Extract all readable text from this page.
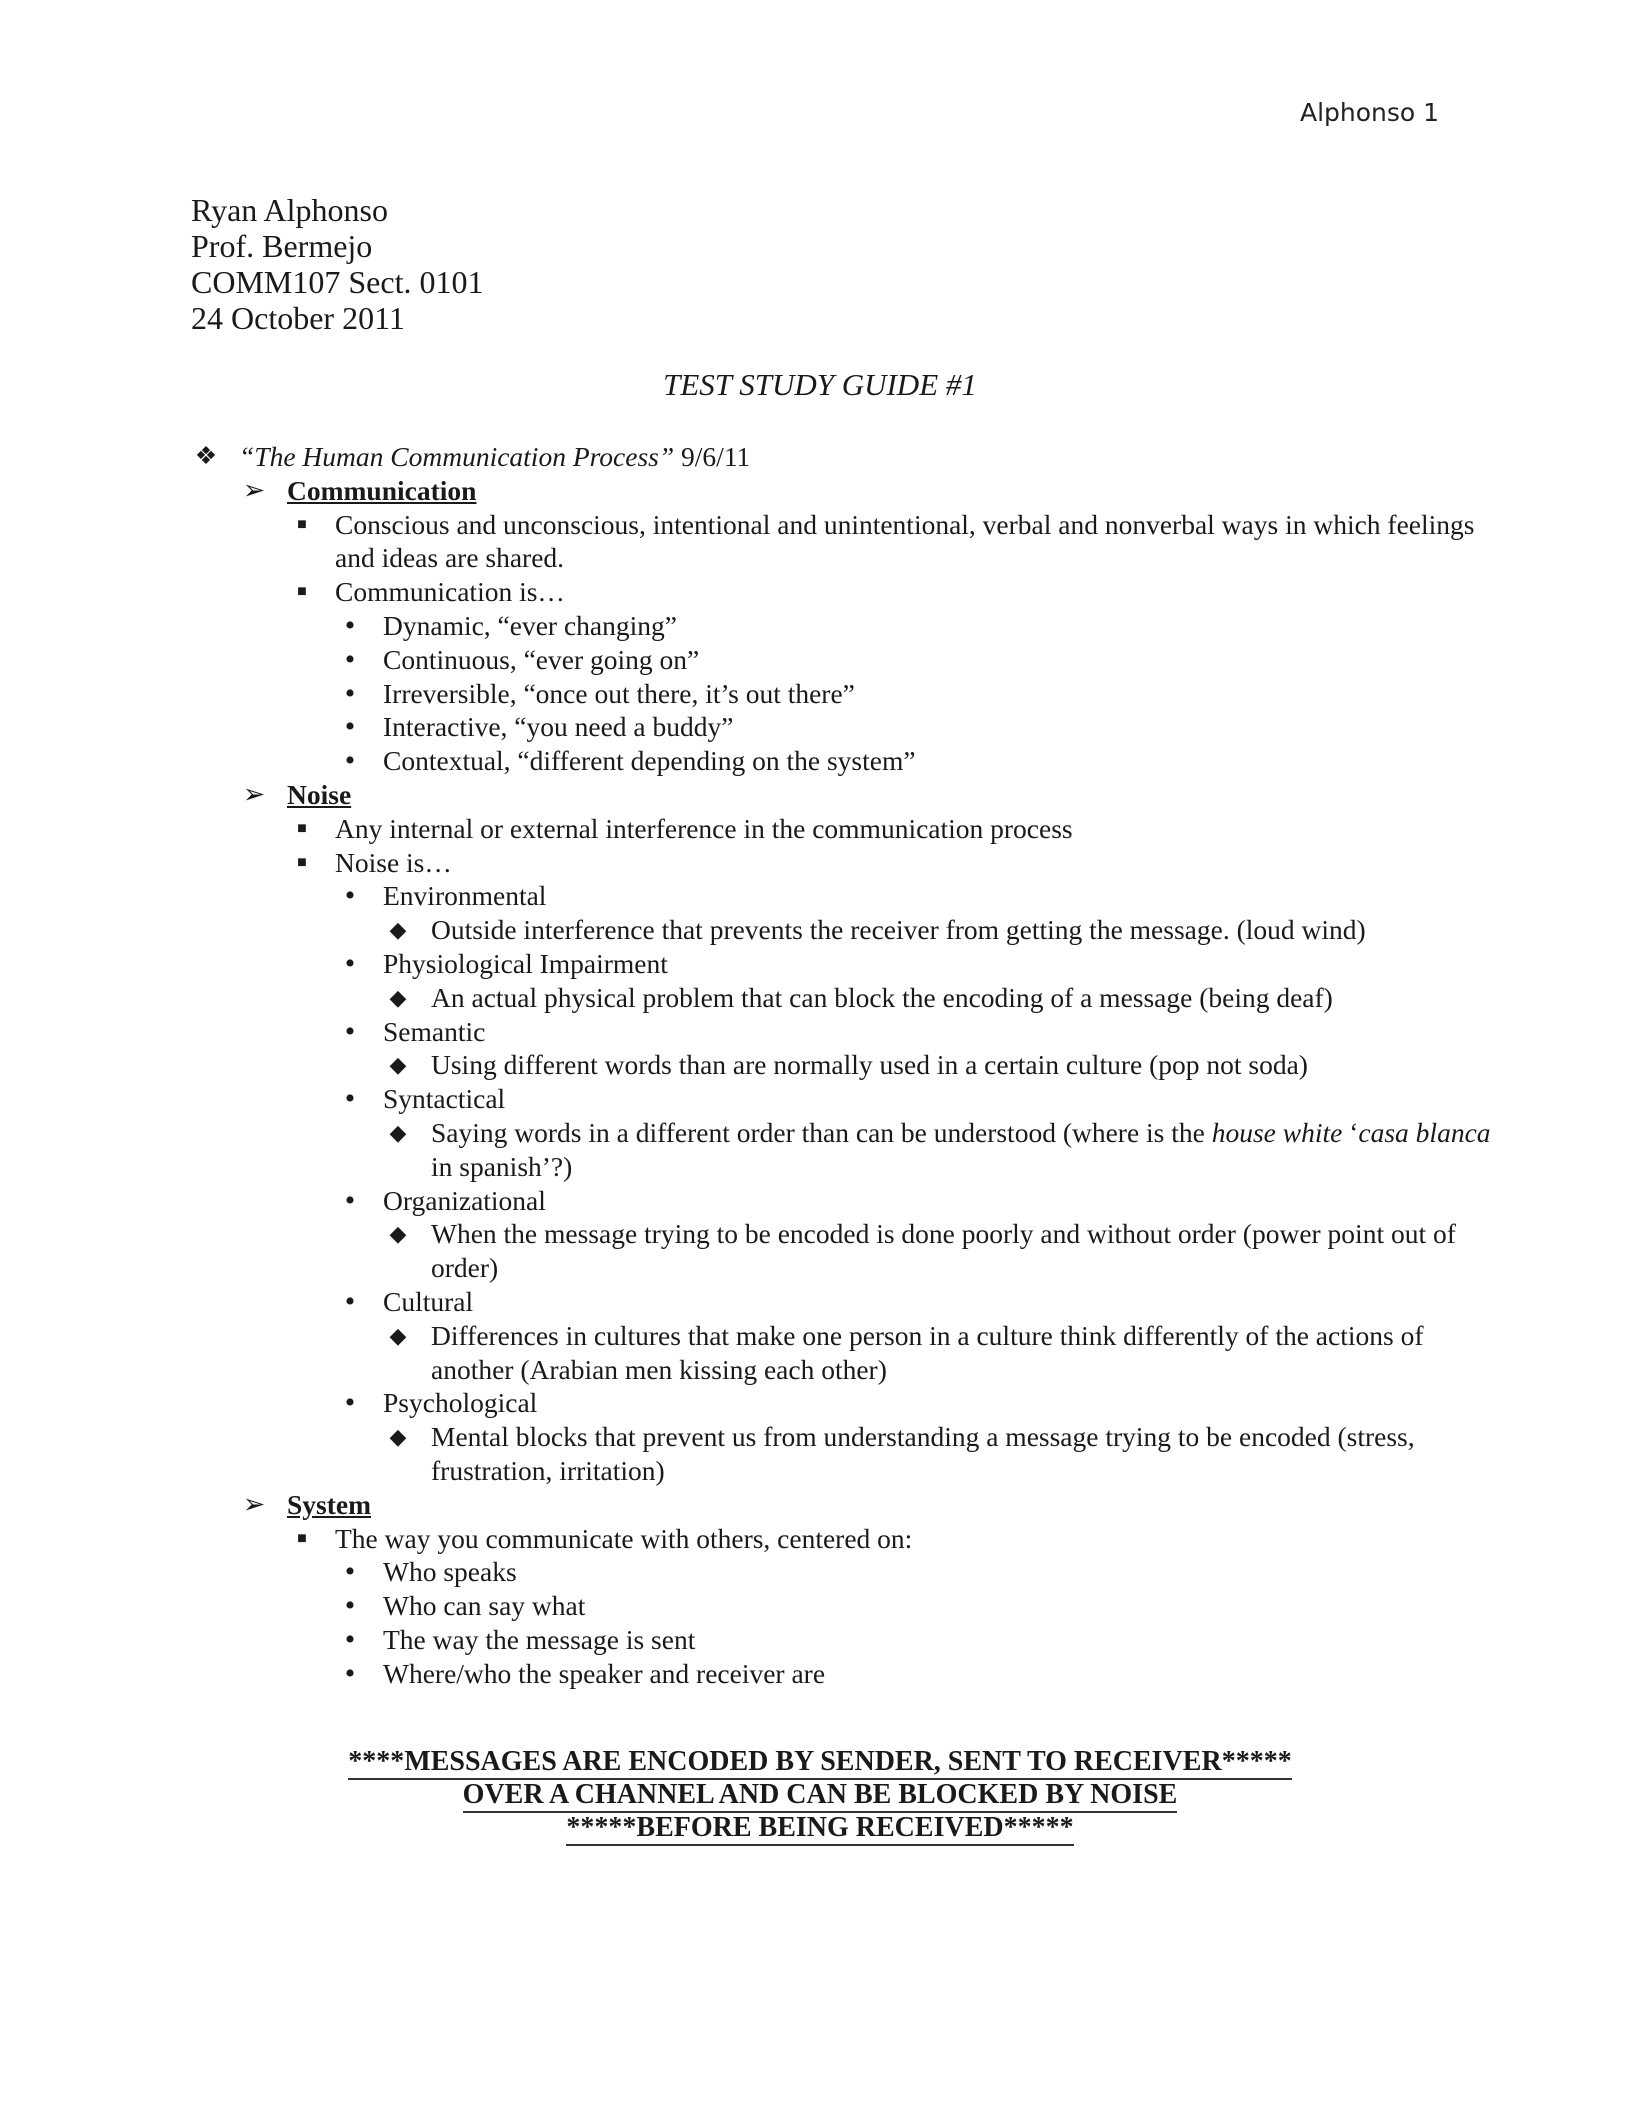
Alphonso 1
Ryan Alphonso
Prof. Bermejo
COMM107 Sect. 0101
24 October 2011
TEST STUDY GUIDE #1
❖ “The Human Communication Process” 9/6/11
➢ Communication
■	Conscious and unconscious, intentional and unintentional, verbal and nonverbal ways in which feelings and ideas are shared.
■	Communication is…
•	Dynamic, “ever changing”
•	Continuous, “ever going on”
•	Irreversible, “once out there, it’s out there”
•	Interactive, “you need a buddy”
•	Contextual, “different depending on the system”
➢ Noise
■	Any internal or external interference in the communication process
■	Noise is…
•	Environmental
◆ Outside interference that prevents the receiver from getting the message. (loud wind)
•	Physiological Impairment
◆ An actual physical problem that can block the encoding of a message (being deaf)
•	Semantic
◆ Using different words than are normally used in a certain culture (pop not soda)
•	Syntactical
◆ Saying words in a different order than can be understood (where is the house white ‘casa blanca in spanish’?)
•	Organizational
◆ When the message trying to be encoded is done poorly and without order (power point out of order)
•	Cultural
◆ Differences in cultures that make one person in a culture think differently of the actions of another (Arabian men kissing each other)
•	Psychological
◆ Mental blocks that prevent us from understanding a message trying to be encoded (stress, frustration, irritation)
➢ System
■	The way you communicate with others, centered on:
•	Who speaks
•	Who can say what
•	The way the message is sent
•	Where/who the speaker and receiver are
****MESSAGES ARE ENCODED BY SENDER, SENT TO RECEIVER*****
OVER A CHANNEL AND CAN BE BLOCKED BY NOISE
*****BEFORE BEING RECEIVED*****
